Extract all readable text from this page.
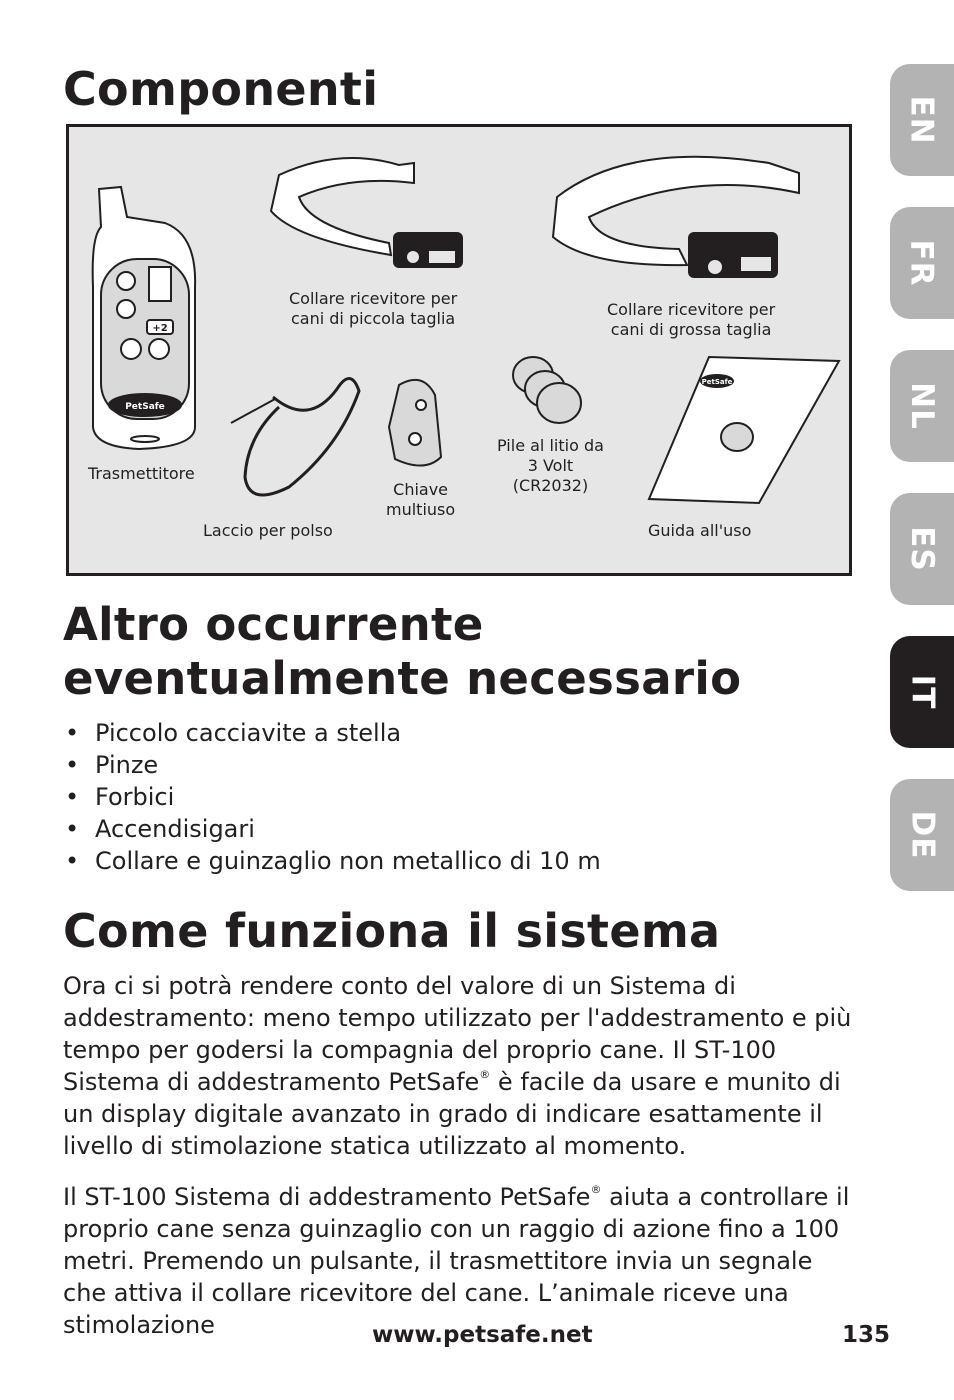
Componenti
+2
PetSafe
PetSafe
Collare ricevitore per
cani di piccola taglia	Collare ricevitore per
cani di grossa taglia
Trasmettitore
Laccio per polso
Chiave
multiuso
Pile al litio da
3 Volt
(CR2032)
Guida all'uso
Altro occurrente
eventualmente necessario
• Piccolo cacciavite a stella
• Pinze
• Forbici
• Accendisigari
• Collare e guinzaglio non metallico di 10 m
Come funziona il sistema

Ora ci si potrà rendere conto del valore di un Sistema di addestramento: meno tempo utilizzato per l'addestramento e più tempo per godersi la compagnia del proprio cane. Il ST-100 Sistema di addestramento PetSafe® è facile da usare e munito di un display digitale avanzato in grado di indicare esattamente il livello di stimolazione statica utilizzato al momento.

Il ST-100 Sistema di addestramento PetSafe® aiuta a controllare il proprio cane senza guinzaglio con un raggio di azione fino a 100 metri. Premendo un pulsante, il trasmettitore invia un segnale che attiva il collare ricevitore del cane. L’animale riceve una stimolazione	www.petsafe.net	135
EN
FR
NL
ES
IT
DE
